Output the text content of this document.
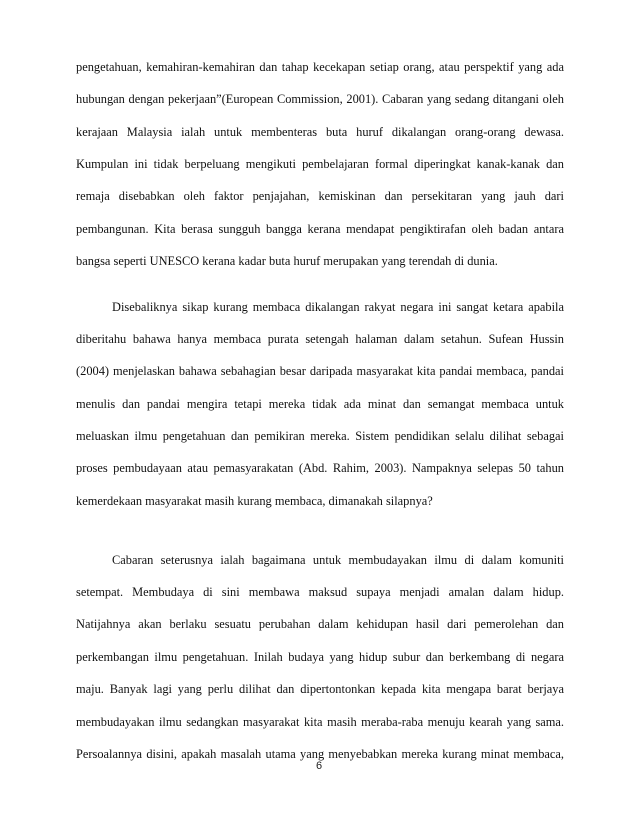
pengetahuan, kemahiran-kemahiran dan tahap kecekapan setiap orang, atau perspektif yang ada
hubungan dengan pekerjaan”(European Commission, 2001). Cabaran yang sedang ditangani oleh
kerajaan Malaysia ialah untuk membenteras buta huruf dikalangan orang-orang dewasa.
Kumpulan ini tidak berpeluang mengikuti pembelajaran formal diperingkat kanak-kanak dan
remaja disebabkan oleh faktor penjajahan, kemiskinan dan persekitaran yang jauh dari
pembangunan. Kita berasa sungguh bangga kerana mendapat pengiktirafan oleh badan antara
bangsa seperti UNESCO kerana kadar buta huruf merupakan yang terendah di dunia.
Disebaliknya sikap kurang membaca dikalangan rakyat negara ini sangat ketara apabila
diberitahu bahawa hanya membaca purata setengah halaman dalam setahun. Sufean Hussin
(2004) menjelaskan bahawa sebahagian besar daripada masyarakat kita pandai membaca, pandai
menulis dan pandai mengira tetapi mereka tidak ada minat dan semangat membaca untuk
meluaskan ilmu pengetahuan dan pemikiran mereka. Sistem pendidikan selalu dilihat sebagai
proses pembudayaan atau pemasyarakatan (Abd. Rahim, 2003). Nampaknya selepas 50 tahun
kemerdekaan masyarakat masih kurang membaca, dimanakah silapnya?
Cabaran seterusnya ialah bagaimana untuk membudayakan ilmu di dalam komuniti
setempat. Membudaya di sini membawa maksud supaya menjadi amalan dalam hidup.
Natijahnya akan berlaku sesuatu perubahan dalam kehidupan hasil dari pemerolehan dan
perkembangan ilmu pengetahuan. Inilah budaya yang hidup subur dan berkembang di negara
maju. Banyak lagi yang perlu dilihat dan dipertontonkan kepada kita mengapa barat berjaya
membudayakan ilmu sedangkan masyarakat kita masih meraba-raba menuju kearah yang sama.
Persoalannya disini, apakah masalah utama yang menyebabkan mereka kurang minat membaca,
6
